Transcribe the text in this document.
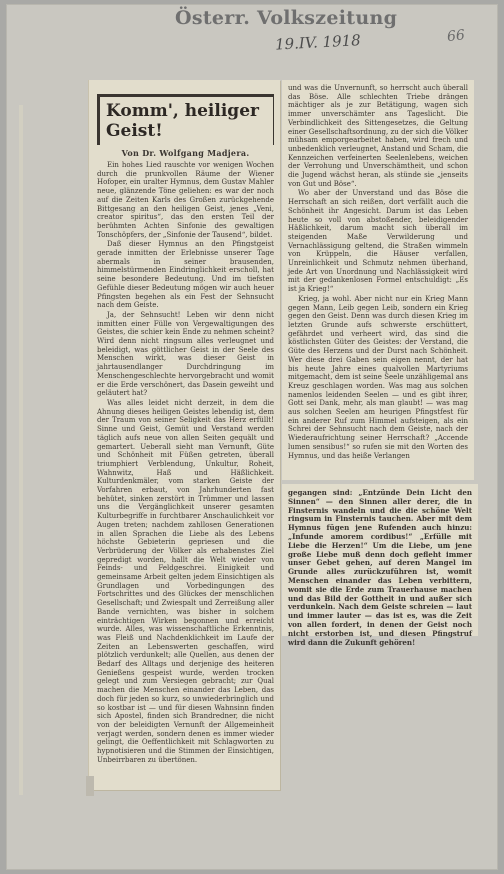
Österr. Volkszeitung
19.IV. 1918	66
Komm', heiliger Geist!
Von Dr. Wolfgang Madjera.

Ein hohes Lied rauschte vor wenigen Wochen durch die prunkvollen Räume der Wiener Hofoper, ein uralter Hymnus, dem Gustav Mahler neue, glänzende Töne geliehen: es war der noch auf die Zeiten Karls des Großen zurückgehende Bittgesang an den heiligen Geist, jenes „Veni, creator spiritus“, das den ersten Teil der berühmten Achten Sinfonie des gewaltigen Tonschöpfers, der „Sinfonie der Tausend“, bildet.

Daß dieser Hymnus an den Pfingstgeist gerade inmitten der Erlebnisse unserer Tage abermals in seiner brausenden, himmelstürmenden Eindringlichkeit erscholl, hat seine besondere Bedeutung. Und im tiefsten Gefühle dieser Bedeutung mögen wir auch heuer Pfingsten begehen als ein Fest der Sehnsucht nach dem Geiste.

Ja, der Sehnsucht! Leben wir denn nicht inmitten einer Fülle von Vergewaltigungen des Geistes, die schier kein Ende zu nehmen scheint? Wird denn nicht ringsum alles verleugnet und beleidigt, was göttlicher Geist in der Seele des Menschen wirkt, was dieser Geist in jahrtausendlanger Durchdringung im Menschengeschlechte hervorgebracht und womit er die Erde verschönert, das Dasein geweiht und geläutert hat?

Was alles leidet nicht derzeit, in dem die Ahnung dieses heiligen Geistes lebendig ist, dem der Traum von seiner Seligkeit das Herz erfüllt! Sinne und Geist, Gemüt und Verstand werden täglich aufs neue von allen Seiten gequält und gemartert. Ueberall sieht man Vernunft, Güte und Schönheit mit Füßen getreten, überall triumphiert Verblendung, Unkultur, Roheit, Wahnwitz, Haß und Häßlichkeit. Kulturdenkmäler, vom starken Geiste der Vorfahren erbaut, von Jahrhunderten fast behütet, sinken zerstört in Trümmer und lassen uns die Vergänglichkeit unserer gesamten Kulturbegriffe in furchtbarer Anschaulichkeit vor Augen treten; nachdem zahllosen Generationen in allen Sprachen die Liebe als des Lebens höchste Gebieterin gepriesen und die Verbrüderung der Völker als erhabenstes Ziel gepredigt worden, hallt die Welt wieder von Feinds- und Feldgeschrei. Einigkeit und gemeinsame Arbeit gelten jedem Einsichtigen als Grundlagen und Vorbedingungen des Fortschrittes und des Glückes der menschlichen Gesellschaft; und Zwiespalt und Zerreißung aller Bande vernichten, was bisher in solchem einträchtigen Wirken begonnen und erreicht wurde. Alles, was wissenschaftliche Erkenntnis, was Fleiß und Nachdenklichkeit im Laufe der Zeiten an Lebenswerten geschaffen, wird plötzlich verdunkelt; alle Quellen, aus denen der Bedarf des Alltags und derjenige des heiteren Genießens gespeist wurde, werden trocken gelegt und zum Versiegen gebracht; zur Qual machen die Menschen einander das Leben, das doch für jeden so kurz, so unwiederbringlich und so kostbar ist — und für diesen Wahnsinn finden sich Apostel, finden sich Brandredner, die nicht von der beleidigten Vernunft der Allgemeinheit verjagt werden, sondern denen es immer wieder gelingt, die Oeffentlichkeit mit Schlagworten zu hypnotisieren und die Stimmen der Einsichtigen, Unbeirrbaren zu übertönen.

und was die Unvernunft, so herrscht auch überall das Böse. Alle schlechten Triebe drängen mächtiger als je zur Betätigung, wagen sich immer unverschämter ans Tageslicht. Die Verbindlichkeit des Sittengesetzes, die Geltung einer Gesellschaftsordnung, zu der sich die Völker mühsam emporgearbeitet haben, wird frech und unbedenklich verleugnet, Anstand und Scham, die Kennzeichen verfeinerten Seelenlebens, weichen der Verrohung und Unverschämtheit, und schon die Jugend wächst heran, als stünde sie „jenseits von Gut und Böse“.

Wo aber der Unverstand und das Böse die Herrschaft an sich reißen, dort verfällt auch die Schönheit ihr Angesicht. Darum ist das Leben heute so voll von abstoßender, beleidigender Häßlichkeit, darum macht sich überall im steigenden Maße Verwilderung und Vernachlässigung geltend, die Straßen wimmeln von Krüppeln, die Häuser verfallen, Unreinlichkeit und Schmutz nehmen überhand, jede Art von Unordnung und Nachlässigkeit wird mit der gedankenlosen Formel entschuldigt: „Es ist ja Krieg!“

Krieg, ja wohl. Aber nicht nur ein Krieg Mann gegen Mann, Leib gegen Leib, sondern ein Krieg gegen den Geist. Denn was durch diesen Krieg im letzten Grunde aufs schwerste erschüttert, gefährdet und verheert wird, das sind die köstlichsten Güter des Geistes: der Verstand, die Güte des Herzens und der Durst nach Schönheit. Wer diese drei Gaben sein eigen nennt, der hat bis heute Jahre eines qualvollen Martyriums mitgemacht, dem ist seine Seele unzähligemal ans Kreuz geschlagen worden. Was mag aus solchen namenlos leidenden Seelen — und es gibt ihrer, Gott sei Dank, mehr, als man glaubt! — was mag aus solchen Seelen am heurigen Pfingstfest für ein anderer Ruf zum Himmel aufsteigen, als ein Schrei der Sehnsucht nach dem Geiste, nach der Wiederaufrichtung seiner Herrschaft? „Accende lumen sensibus!“ so rufen sie mit den Worten des Hymnus, und das heiße Verlangen

gegangen sind: „Entzünde Dein Licht den Sinnen“ — den Sinnen aller derer, die in Finsternis wandeln und die die schöne Welt ringsum in Finsternis tauchen. Aber mit dem Hymnus fügen jene Rufenden auch hinzu: „Infunde amorem cordibus!“ „Erfülle mit Liebe die Herzen!“ Um die Liebe, um jene große Liebe muß denn doch gefleht immer unser Gebet gehen, auf deren Mangel im Grunde alles zurückzuführen ist, womit Menschen einander das Leben verbittern, womit sie die Erde zum Trauerhause machen und das Bild der Gottheit in und außer sich verdunkeln. Nach dem Geiste schreien — laut und immer lauter — das ist es, was die Zeit von allen fordert, in denen der Geist noch nicht erstorben ist, und diesen Pfingstruf wird dann die Zukunft gehören!
